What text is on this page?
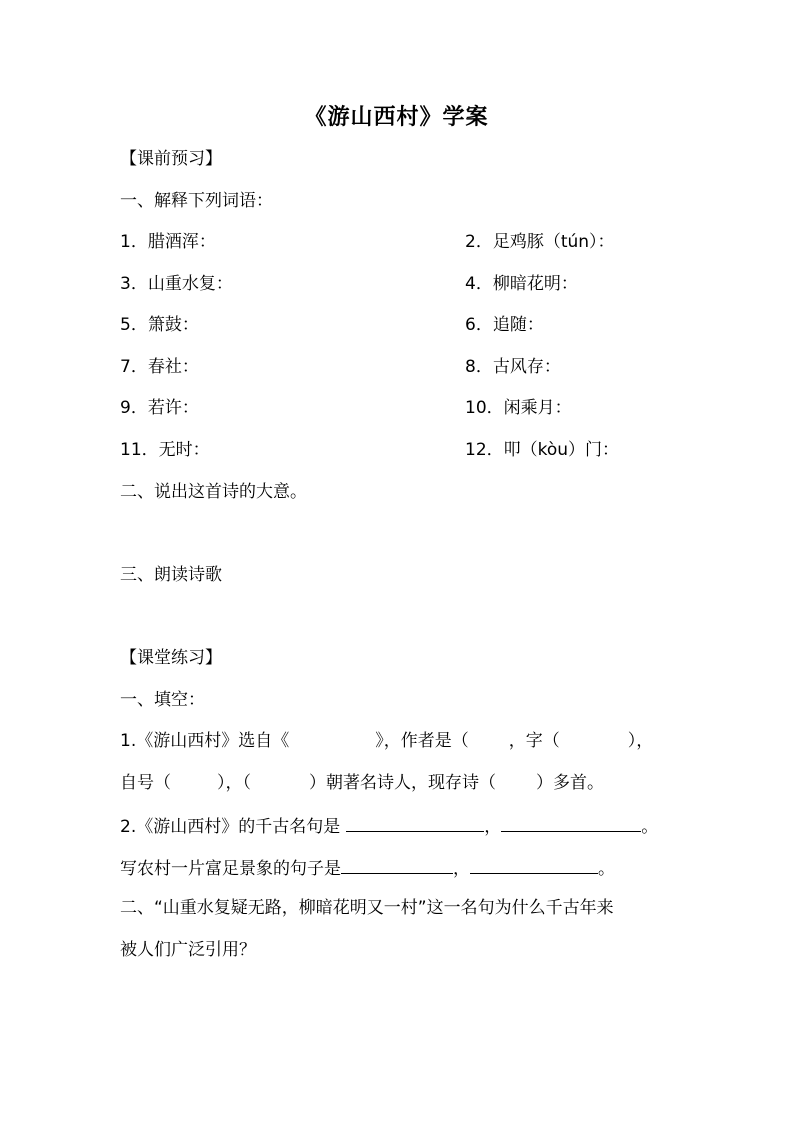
《游山西村》学案
【课前预习】
一、解释下列词语：
1．腊酒浑：	2．足鸡豚（tún）：
3．山重水复：	4．柳暗花明：
5．箫鼓：	6．追随：
7．春社：	8．古风存：
9．若许：	10．闲乘月：
11．无时：	12．叩（kòu）门：
二、说出这首诗的大意。
三、朗读诗歌
【课堂练习】
一、填空：
1.《游山西村》选自《	》，作者是（ ，字（	），
自号（	），（	）朝著名诗人，现存诗（ ）多首。
2.《游山西村》的千古名句是	，	。
写农村一片富足景象的句子是	，	。
二、“山重水复疑无路，柳暗花明又一村”这一名句为什么千古年来
被人们广泛引用？
